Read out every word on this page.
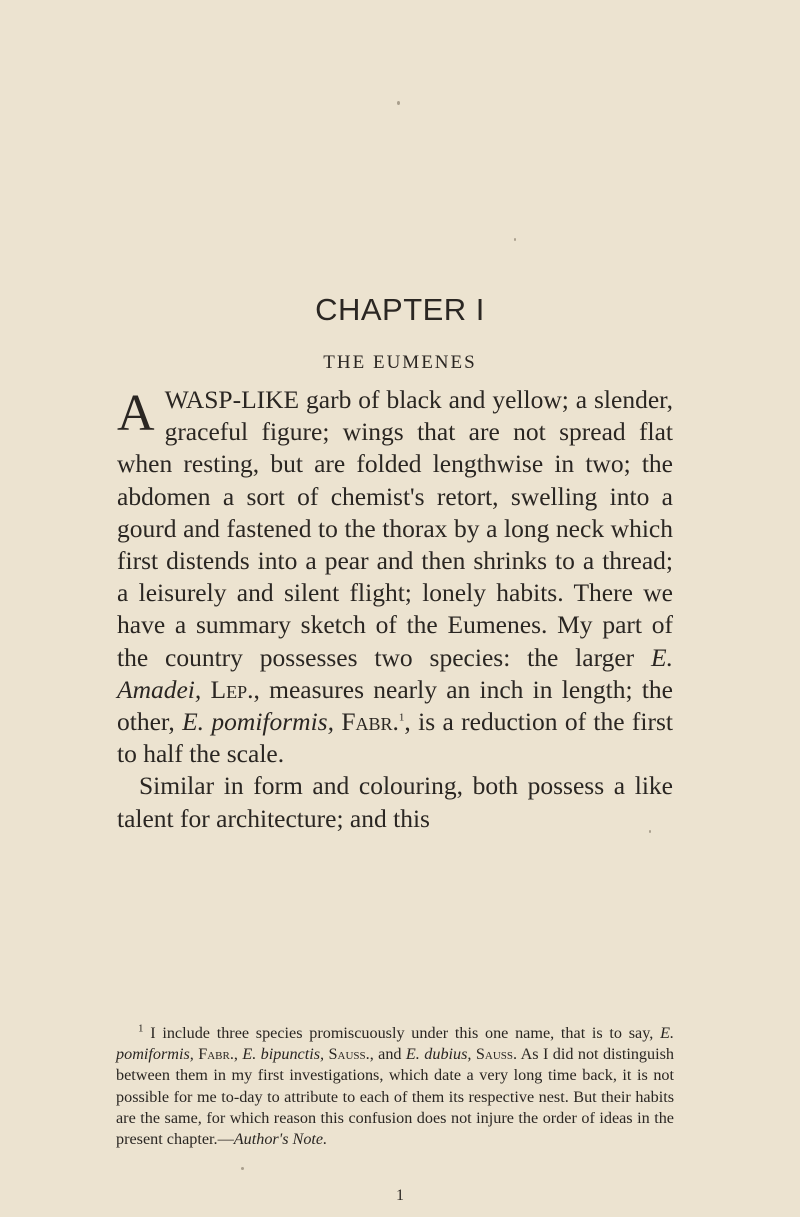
CHAPTER I
THE EUMENES

A WASP-LIKE garb of black and yellow; a slender, graceful figure; wings that are not spread flat when resting, but are folded lengthwise in two; the abdomen a sort of chemist's retort, swelling into a gourd and fastened to the thorax by a long neck which first distends into a pear and then shrinks to a thread; a leisurely and silent flight; lonely habits. There we have a summary sketch of the Eumenes. My part of the country possesses two species: the larger E. Amadei, Lep., measures nearly an inch in length; the other, E. pomiformis, Fabr.$^1$, is a reduction of the first to half the scale.

Similar in form and colouring, both possess a like talent for architecture; and this

$^1$ I include three species promiscuously under this one name, that is to say, E. pomiformis, Fabr., E. bipunctis, Sauss., and E. dubius, Sauss. As I did not distinguish between them in my first investigations, which date a very long time back, it is not possible for me to-day to attribute to each of them its respective nest. But their habits are the same, for which reason this confusion does not injure the order of ideas in the present chapter.—Author's Note.

1
